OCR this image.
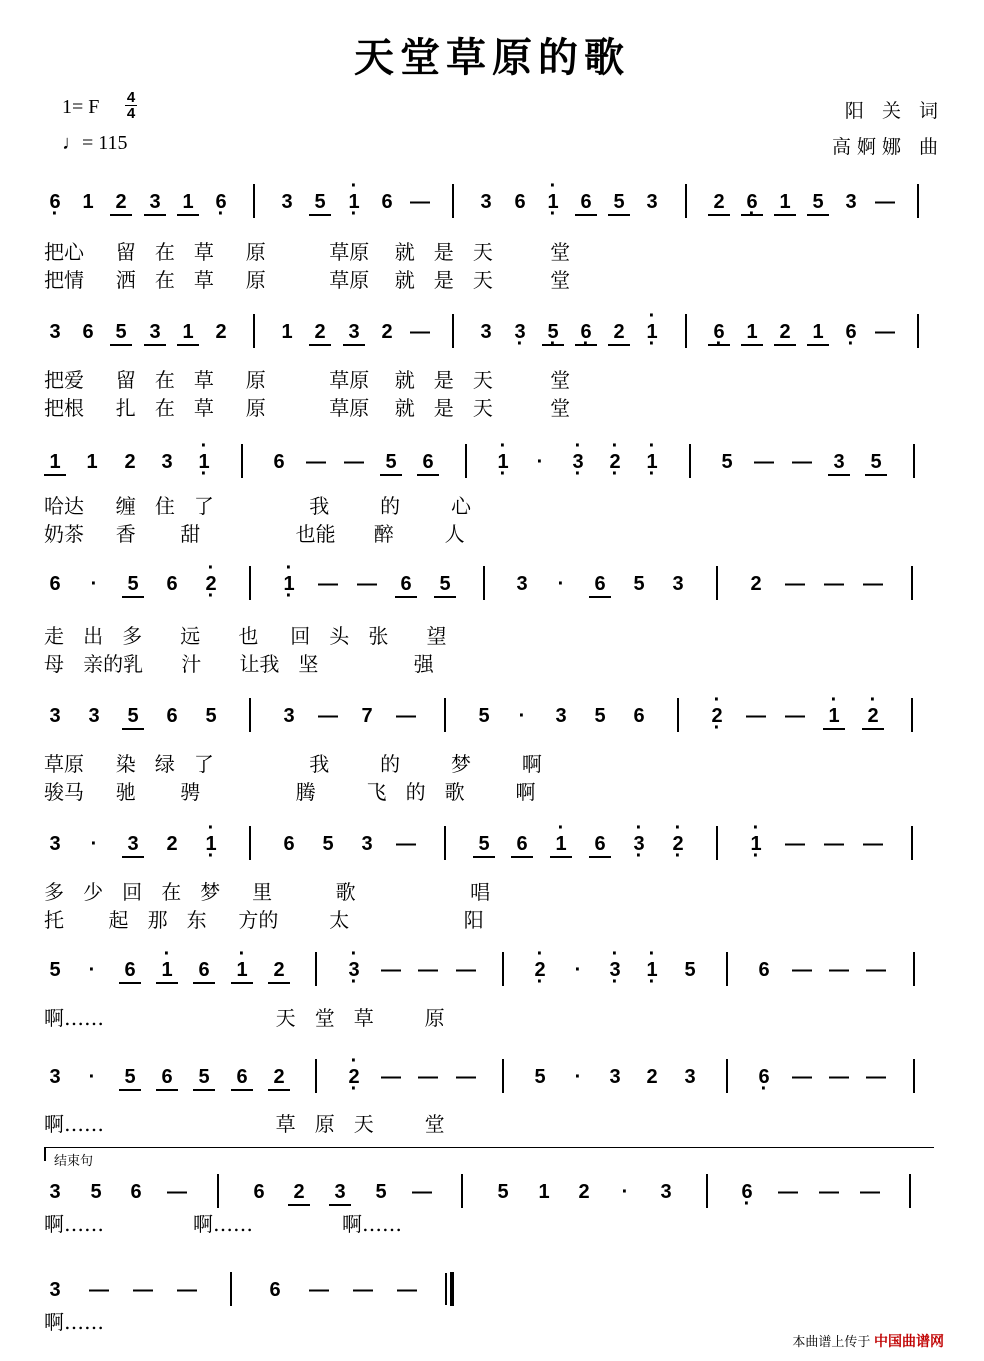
天堂草原的歌
1= F 4
4
♩= 115
阳 关 词
高婀娜 曲
6 · 1 2 3 1 6 ·	3 5 · 1 · 6 —	3 6 · 1 · 6 5 3	2 6 · 1 5 3 —
把心     留   在   草     原          草原    就   是   天         堂
把情     洒   在   草     原          草原    就   是   天         堂
3 6 5 3 1 2	1 2 3 2 —	3 3 · 5 · 6 · 2 · 1 ·	6 · 1 2 1 6 · —
把爱     留   在   草     原          草原    就   是   天         堂
把根     扎   在   草     原          草原    就   是   天         堂
1 1 2 3 · 1 ·	6 — — 5 6	· 1 ·	·	· 3 · · 2 · · 1 ·	5 — — 3 5
哈达     缠   住   了               我        的        心
奶茶     香       甜               也能      醉        人
6	·	5 6 · 2 ·	· 1 · — — 6 5	3	·	6 5 3	2 — — —
走   出   多      远      也     回   头   张      望
母   亲的乳      汁      让我   坚               强
3 3 5 6 5	3 — 7 —	5	·	3 5 6	· 2 · — — · 1 · 2
草原     染   绿   了               我        的        梦        啊
骏马     驰       骋               腾        飞   的   歌        啊
3	·	3 2 · 1 ·	6 5 3 —	5 6 · 1 6 · 3 · · 2 ·	· 1 · — — —
多   少   回   在   梦     里          歌                  唱
托       起   那   东     方的        太                  阳
5	·	6 · 1 6 · 1 2	· 3 · — — —	· 2 ·	·	· 3 · · 1 · 5	6 — — —
啊……                           天   堂   草        原
3	·	5 6 5 6 2	· 2 · — — —	5	·	3 2 3	6 · — — —
啊……                           草   原   天        堂
3 5 6 —	6 2 3 5 —	5 1 2	·	3	6 · — — —
啊……              啊……              啊……
3 — — —	6 — — —
啊……
结束句
本曲谱上传于 中国曲谱网
